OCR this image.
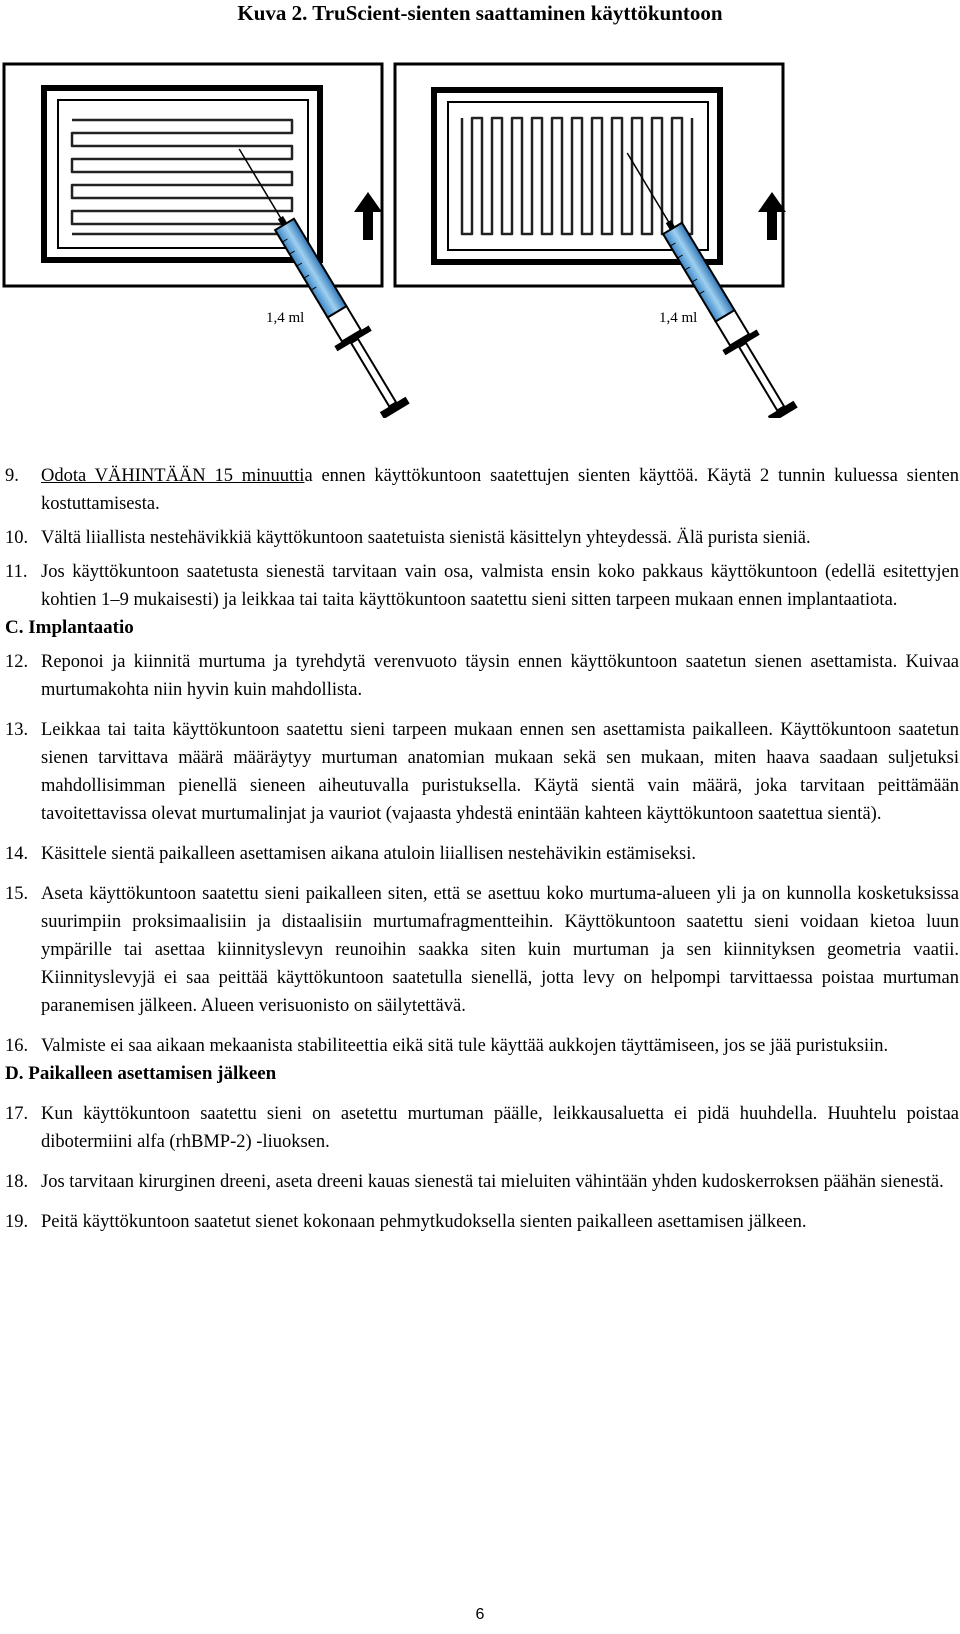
Kuva 2. TruScient-sienten saattaminen käyttökuntoon
1,4 ml	1,4 ml
9.	Odota VÄHINTÄÄN 15 minuuttia ennen käyttökuntoon saatettujen sienten käyttöä. Käytä 2 tunnin kuluessa sienten kostuttamisesta.
10. Vältä liiallista nestehävikkiä käyttökuntoon saatetuista sienistä käsittelyn yhteydessä. Älä purista sieniä.
11. Jos käyttökuntoon saatetusta sienestä tarvitaan vain osa, valmista ensin koko pakkaus käyttökuntoon (edellä esitettyjen kohtien 1–9 mukaisesti) ja leikkaa tai taita käyttökuntoon saatettu sieni sitten tarpeen mukaan ennen implantaatiota.

C. Implantaatio

12. Reponoi ja kiinnitä murtuma ja tyrehdytä verenvuoto täysin ennen käyttökuntoon saatetun sienen asettamista. Kuivaa murtumakohta niin hyvin kuin mahdollista.
13. Leikkaa tai taita käyttökuntoon saatettu sieni tarpeen mukaan ennen sen asettamista paikalleen. Käyttökuntoon saatetun sienen tarvittava määrä määräytyy murtuman anatomian mukaan sekä sen mukaan, miten haava saadaan suljetuksi mahdollisimman pienellä sieneen aiheutuvalla puristuksella. Käytä sientä vain määrä, joka tarvitaan peittämään tavoitettavissa olevat murtumalinjat ja vauriot (vajaasta yhdestä enintään kahteen käyttökuntoon saatettua sientä).
14. Käsittele sientä paikalleen asettamisen aikana atuloin liiallisen nestehävikin estämiseksi.
15. Aseta käyttökuntoon saatettu sieni paikalleen siten, että se asettuu koko murtuma-alueen yli ja on kunnolla kosketuksissa suurimpiin proksimaalisiin ja distaalisiin murtumafragmentteihin. Käyttökuntoon saatettu sieni voidaan kietoa luun ympärille tai asettaa kiinnityslevyn reunoihin saakka siten kuin murtuman ja sen kiinnityksen geometria vaatii. Kiinnityslevyjä ei saa peittää käyttökuntoon saatetulla sienellä, jotta levy on helpompi tarvittaessa poistaa murtuman paranemisen jälkeen. Alueen verisuonisto on säilytettävä.
16. Valmiste ei saa aikaan mekaanista stabiliteettia eikä sitä tule käyttää aukkojen täyttämiseen, jos se jää puristuksiin.

D. Paikalleen asettamisen jälkeen

17. Kun käyttökuntoon saatettu sieni on asetettu murtuman päälle, leikkausaluetta ei pidä huuhdella. Huuhtelu poistaa dibotermiini alfa (rhBMP-2) -liuoksen.
18. Jos tarvitaan kirurginen dreeni, aseta dreeni kauas sienestä tai mieluiten vähintään yhden kudoskerroksen päähän sienestä.
19. Peitä käyttökuntoon saatetut sienet kokonaan pehmytkudoksella sienten paikalleen asettamisen jälkeen.
6
